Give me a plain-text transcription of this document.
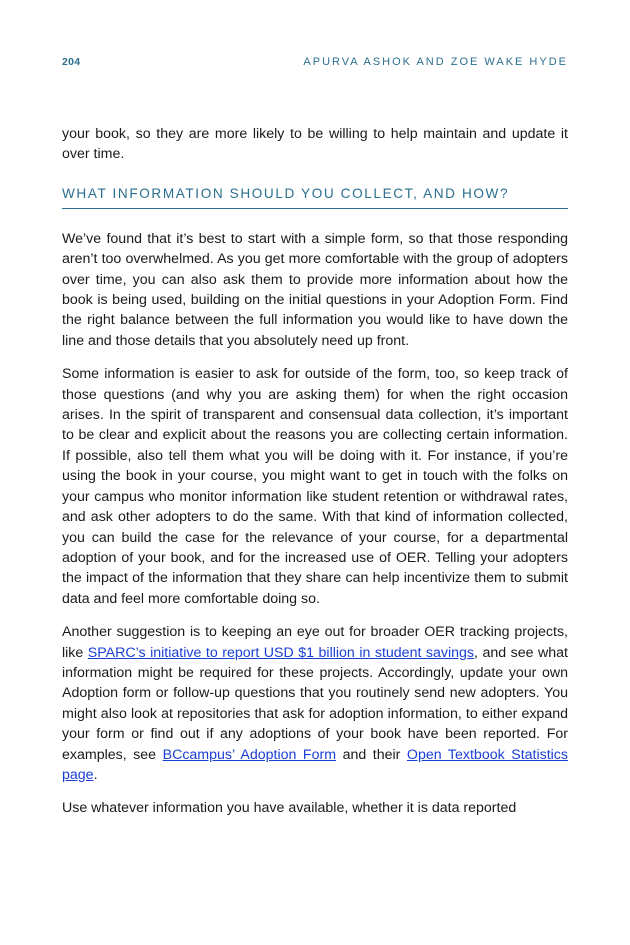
204	APURVA ASHOK AND ZOE WAKE HYDE

your book, so they are more likely to be willing to help maintain and update it over time.

WHAT INFORMATION SHOULD YOU COLLECT, AND HOW?

We’ve found that it’s best to start with a simple form, so that those responding aren’t too overwhelmed. As you get more comfortable with the group of adopters over time, you can also ask them to provide more information about how the book is being used, building on the initial questions in your Adoption Form. Find the right balance between the full information you would like to have down the line and those details that you absolutely need up front.

Some information is easier to ask for outside of the form, too, so keep track of those questions (and why you are asking them) for when the right occasion arises. In the spirit of transparent and consensual data collection, it’s important to be clear and explicit about the reasons you are collecting certain information. If possible, also tell them what you will be doing with it. For instance, if you’re using the book in your course, you might want to get in touch with the folks on your campus who monitor information like student retention or withdrawal rates, and ask other adopters to do the same. With that kind of information collected, you can build the case for the relevance of your course, for a departmental adoption of your book, and for the increased use of OER. Telling your adopters the impact of the information that they share can help incentivize them to submit data and feel more comfortable doing so.

Another suggestion is to keeping an eye out for broader OER tracking projects, like SPARC’s initiative to report USD $1 billion in student savings, and see what information might be required for these projects. Accordingly, update your own Adoption form or follow-up questions that you routinely send new adopters. You might also look at repositories that ask for adoption information, to either expand your form or find out if any adoptions of your book have been reported. For examples, see BCcampus’ Adoption Form and their Open Textbook Statistics page.

Use whatever information you have available, whether it is data reported
